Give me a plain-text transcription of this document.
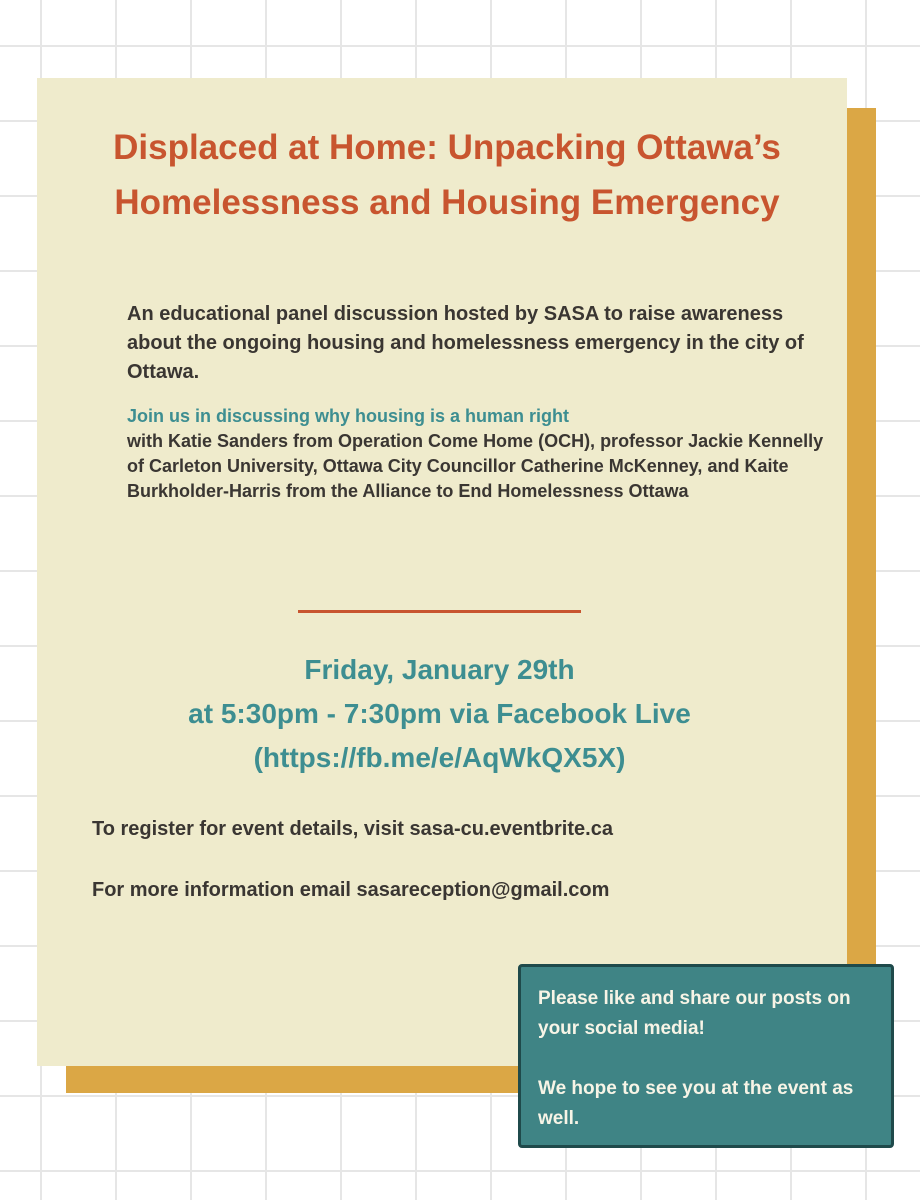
Displaced at Home: Unpacking Ottawa’s Homelessness and Housing Emergency

An educational panel discussion hosted by SASA to raise awareness about the ongoing housing and homelessness emergency in the city of Ottawa.

Join us in discussing why housing is a human right
with Katie Sanders from Operation Come Home (OCH), professor Jackie Kennelly of Carleton University, Ottawa City Councillor Catherine McKenney, and Kaite Burkholder-Harris from the Alliance to End Homelessness Ottawa

Friday, January 29th
at 5:30pm - 7:30pm via Facebook Live
(https://fb.me/e/AqWkQX5X)

To register for event details, visit sasa-cu.eventbrite.ca

For more information email sasareception@gmail.com

Please like and share our posts on your social media!

We hope to see you at the event as well.
